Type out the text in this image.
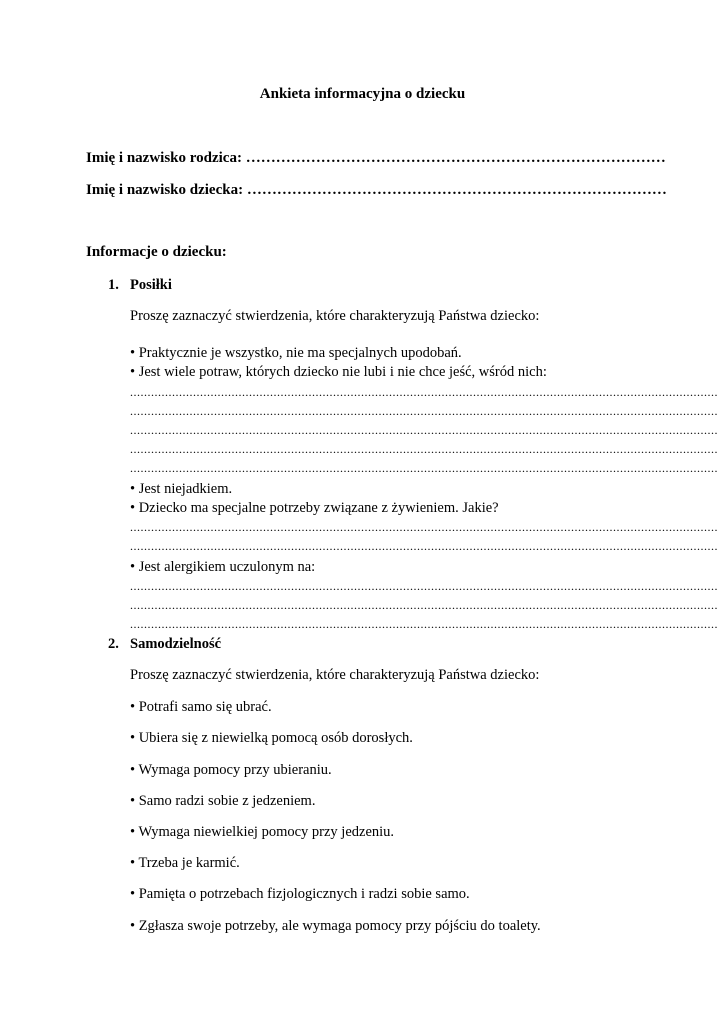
Ankieta informacyjna o dziecku
Imię i nazwisko rodzica: …………………………………………………………………………
Imię i nazwisko dziecka: …………………………………………………………………………
Informacje o dziecku:
1. Posiłki
Proszę zaznaczyć stwierdzenia, które charakteryzują Państwa dziecko:
• Praktycznie je wszystko, nie ma specjalnych upodobań.
• Jest wiele potraw, których dziecko nie lubi i nie chce jeść, wśród nich:
........................................................................................................................................................................
........................................................................................................................................................................
........................................................................................................................................................................
........................................................................................................................................................................
........................................................................................................................................................................
• Jest niejadkiem.
• Dziecko ma specjalne potrzeby związane z żywieniem. Jakie?
........................................................................................................................................................................
........................................................................................................................................................................
• Jest alergikiem uczulonym na:
........................................................................................................................................................................
........................................................................................................................................................................
........................................................................................................................................................................
2. Samodzielność
Proszę zaznaczyć stwierdzenia, które charakteryzują Państwa dziecko:
• Potrafi samo się ubrać.
• Ubiera się z niewielką pomocą osób dorosłych.
• Wymaga pomocy przy ubieraniu.
• Samo radzi sobie z jedzeniem.
• Wymaga niewielkiej pomocy przy jedzeniu.
• Trzeba je karmić.
• Pamięta o potrzebach fizjologicznych i radzi sobie samo.
• Zgłasza swoje potrzeby, ale wymaga pomocy przy pójściu do toalety.
